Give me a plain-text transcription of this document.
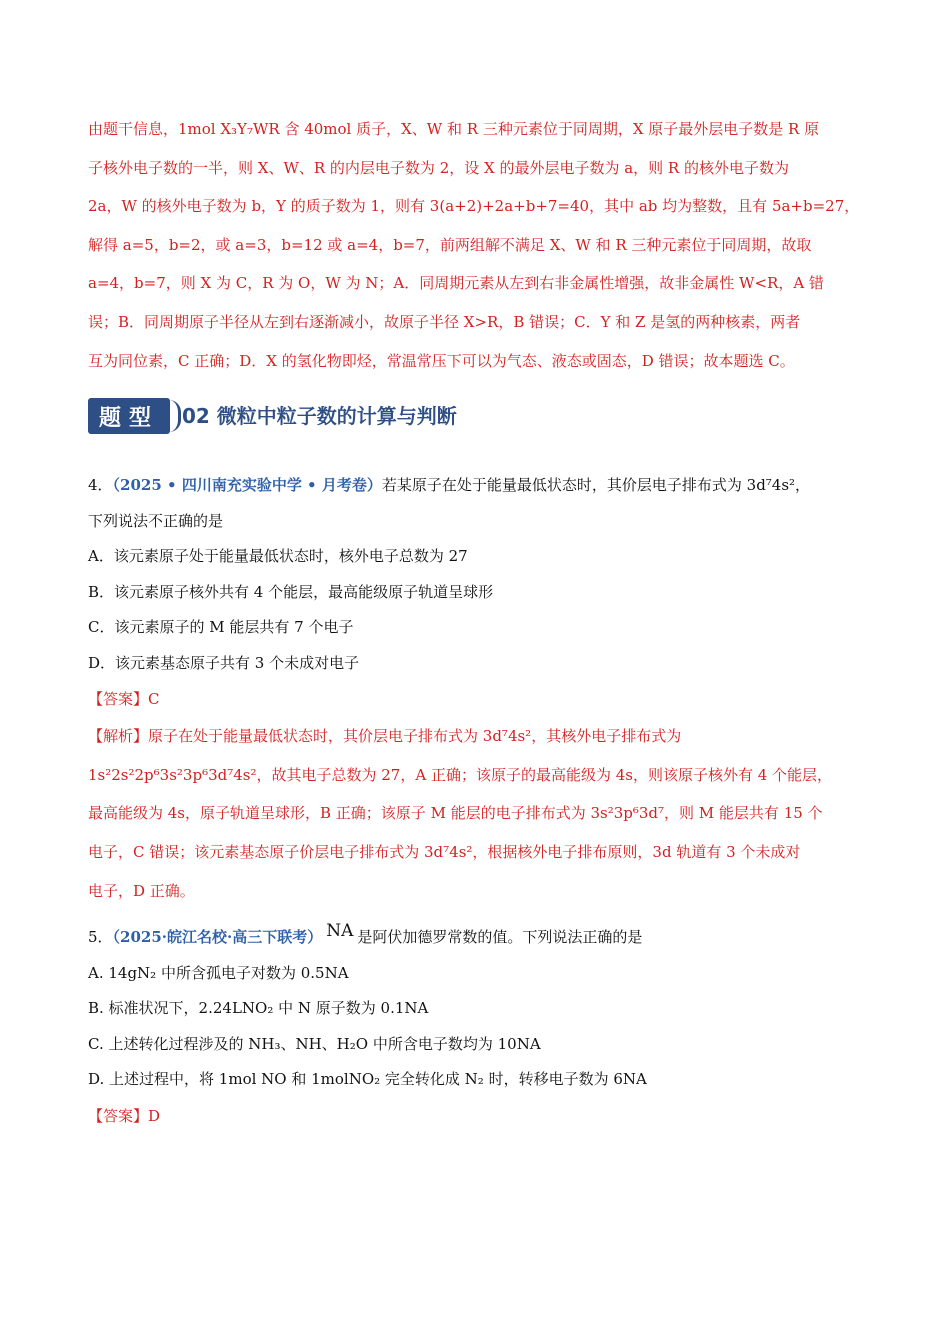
由题干信息，1mol X₃Y₇WR 含 40mol 质子，X、W 和 R 三种元素位于同周期，X 原子最外层电子数是 R 原

子核外电子数的一半，则 X、W、R 的内层电子数为 2，设 X 的最外层电子数为 a，则 R 的核外电子数为

2a，W 的核外电子数为 b，Y 的质子数为 1，则有 3(a+2)+2a+b+7=40，其中 ab 均为整数，且有 5a+b=27，

解得 a=5，b=2，或 a=3，b=12 或 a=4，b=7，前两组解不满足 X、W 和 R 三种元素位于同周期，故取

a=4，b=7，则 X 为 C，R 为 O，W 为 N；A．同周期元素从左到右非金属性增强，故非金属性 W<R，A 错

误；B．同周期原子半径从左到右逐渐减小，故原子半径 X>R，B 错误；C．Y 和 Z 是氢的两种核素，两者

互为同位素，C 正确；D．X 的氢化物即烃，常温常压下可以为气态、液态或固态，D 错误；故本题选 C。

题型	02 微粒中粒子数的计算与判断

4．（2025 • 四川南充实验中学 • 月考卷）若某原子在处于能量最低状态时，其价层电子排布式为 3d⁷4s²，

下列说法不正确的是

A．该元素原子处于能量最低状态时，核外电子总数为 27

B．该元素原子核外共有 4 个能层，最高能级原子轨道呈球形

C．该元素原子的 M 能层共有 7 个电子

D．该元素基态原子共有 3 个未成对电子

【答案】C

【解析】原子在处于能量最低状态时，其价层电子排布式为 3d⁷4s²，其核外电子排布式为

1s²2s²2p⁶3s²3p⁶3d⁷4s²，故其电子总数为 27，A 正确；该原子的最高能级为 4s，则该原子核外有 4 个能层，

最高能级为 4s，原子轨道呈球形，B 正确；该原子 M 能层的电子排布式为 3s²3p⁶3d⁷，则 M 能层共有 15 个

电子，C 错误；该元素基态原子价层电子排布式为 3d⁷4s²，根据核外电子排布原则，3d 轨道有 3 个未成对

电子，D 正确。

5．（2025·皖江名校·高三下联考） NA 是阿伏加德罗常数的值。下列说法正确的是

A. 14gN₂ 中所含孤电子对数为 0.5NA

B. 标准状况下，2.24LNO₂ 中 N 原子数为 0.1NA

C. 上述转化过程涉及的 NH₃、NH、H₂O 中所含电子数均为 10NA

D. 上述过程中，将 1mol NO 和 1molNO₂ 完全转化成 N₂ 时，转移电子数为 6NA

【答案】D
